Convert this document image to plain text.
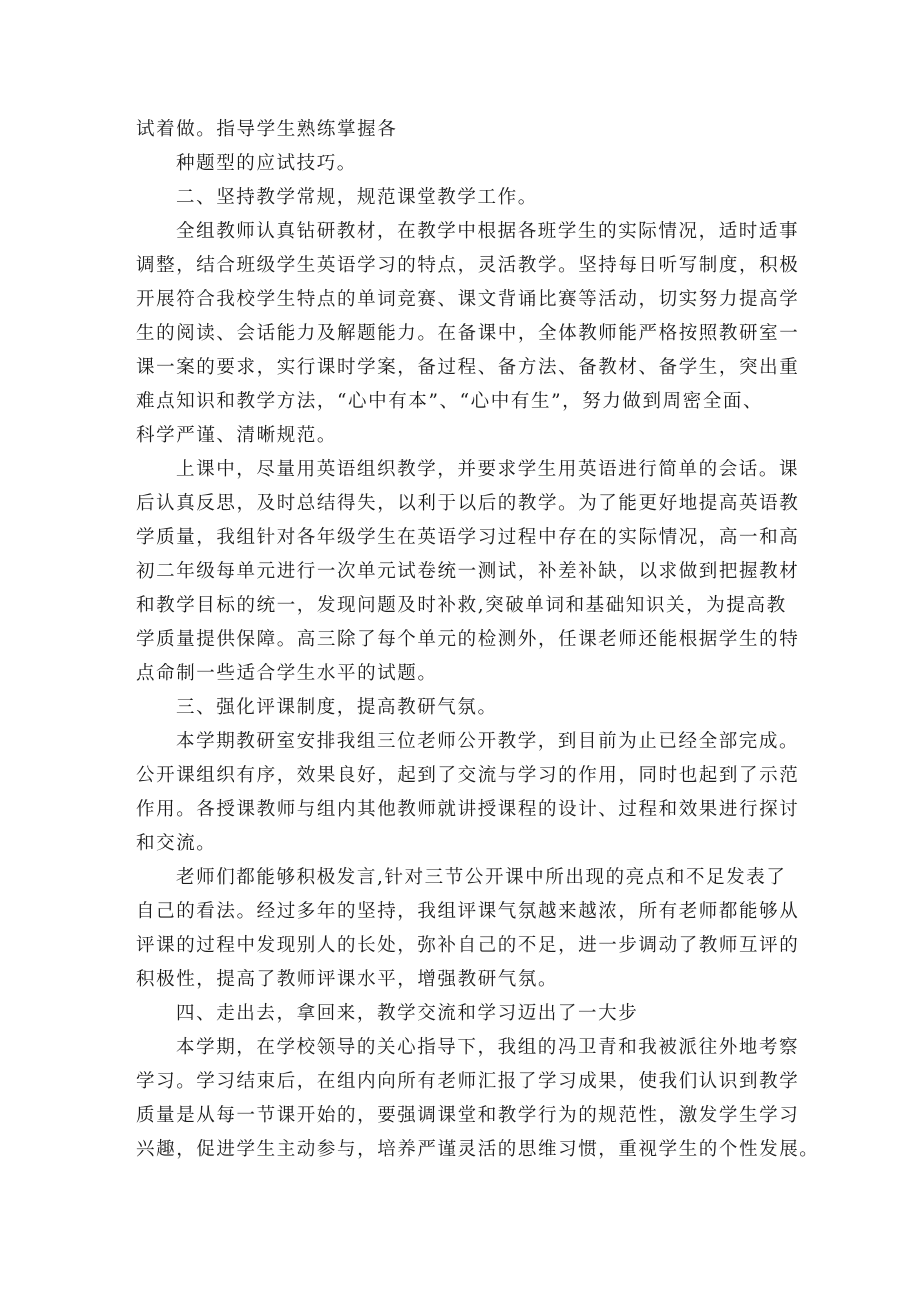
试着做。指导学生熟练掌握各
种题型的应试技巧。
二、坚持教学常规，规范课堂教学工作。
全组教师认真钻研教材，在教学中根据各班学生的实际情况，适时适事
调整，结合班级学生英语学习的特点，灵活教学。坚持每日听写制度，积极
开展符合我校学生特点的单词竞赛、课文背诵比赛等活动，切实努力提高学
生的阅读、会话能力及解题能力。在备课中，全体教师能严格按照教研室一
课一案的要求，实行课时学案，备过程、备方法、备教材、备学生，突出重
难点知识和教学方法，“心中有本”、“心中有生”，努力做到周密全面、
科学严谨、清晰规范。
上课中，尽量用英语组织教学，并要求学生用英语进行简单的会话。课
后认真反思，及时总结得失，以利于以后的教学。为了能更好地提高英语教
学质量，我组针对各年级学生在英语学习过程中存在的实际情况，高一和高
初二年级每单元进行一次单元试卷统一测试，补差补缺，以求做到把握教材
和教学目标的统一，发现问题及时补救,突破单词和基础知识关，为提高教
学质量提供保障。高三除了每个单元的检测外，任课老师还能根据学生的特
点命制一些适合学生水平的试题。
三、强化评课制度，提高教研气氛。
本学期教研室安排我组三位老师公开教学，到目前为止已经全部完成。
公开课组织有序，效果良好，起到了交流与学习的作用，同时也起到了示范
作用。各授课教师与组内其他教师就讲授课程的设计、过程和效果进行探讨
和交流。
老师们都能够积极发言,针对三节公开课中所出现的亮点和不足发表了
自己的看法。经过多年的坚持，我组评课气氛越来越浓，所有老师都能够从
评课的过程中发现别人的长处，弥补自己的不足，进一步调动了教师互评的
积极性，提高了教师评课水平，增强教研气氛。
四、走出去，拿回来，教学交流和学习迈出了一大步
本学期，在学校领导的关心指导下，我组的冯卫青和我被派往外地考察
学习。学习结束后，在组内向所有老师汇报了学习成果，使我们认识到教学
质量是从每一节课开始的，要强调课堂和教学行为的规范性，激发学生学习
兴趣，促进学生主动参与，培养严谨灵活的思维习惯，重视学生的个性发展。
